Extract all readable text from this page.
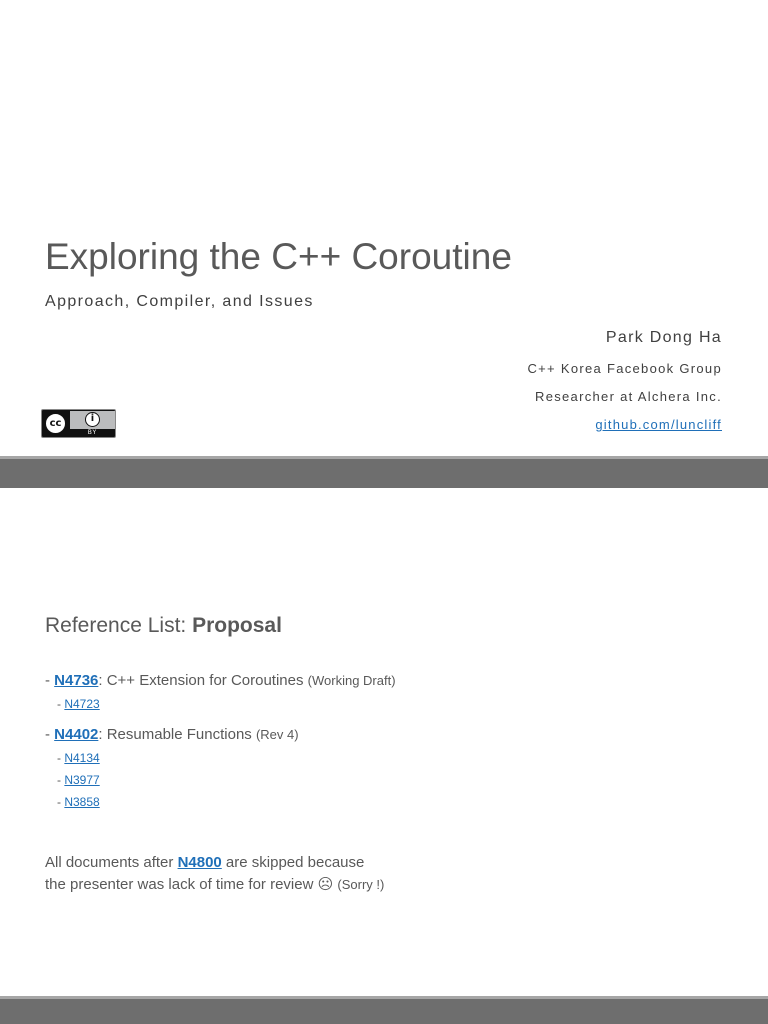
Exploring the C++ Coroutine
Approach, Compiler, and Issues
Park Dong Ha
C++ Korea Facebook Group
Researcher at Alchera Inc.
github.com/luncliff
cc	i
BY
Reference List: Proposal
- N4736: C++ Extension for Coroutines (Working Draft)
- N4723
- N4402: Resumable Functions (Rev 4)
- N4134
- N3977
- N3858
All documents after N4800 are skipped because
the presenter was lack of time for review ☹ (Sorry !)
